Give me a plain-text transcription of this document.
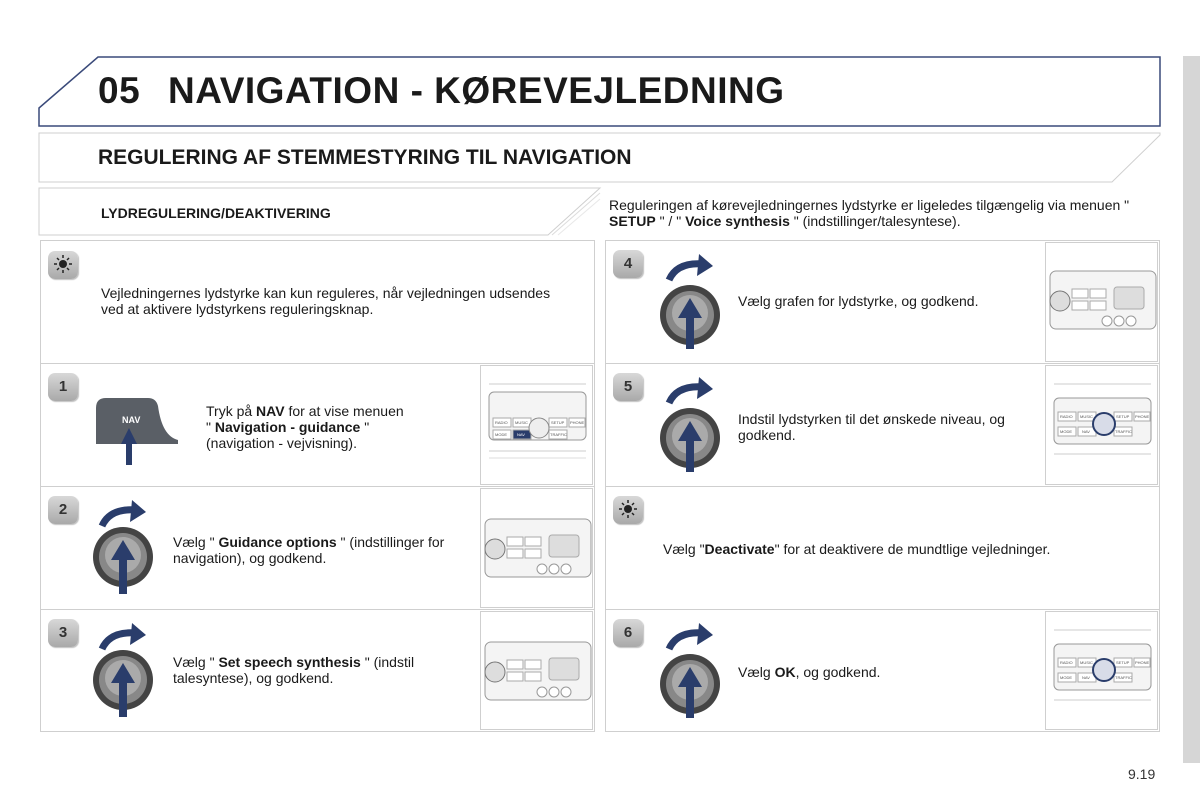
05 NAVIGATION - KØREVEJLEDNING
REGULERING AF STEMMESTYRING TIL NAVIGATION
LYDREGULERING/DEAKTIVERING	Reguleringen af kørevejledningernes lydstyrke er ligeledes tilgængelig via menuen " SETUP " / " Voice synthesis " (indstillinger/talesyntese).
Vejledningernes lydstyrke kan kun reguleres, når vejledningen udsendes ved at aktivere lydstyrkens reguleringsknap.
1
NAV
Tryk på NAV for at vise menuen
" Navigation - guidance "
(navigation - vejvisning).
RADIO MUSIC	SETUP PHONE
MODE	NAV	TRAFFIC
2
Vælg " Guidance options " (indstillinger for navigation), og godkend.
3
Vælg " Set speech synthesis " (indstil talesyntese), og godkend.
4
Vælg grafen for lydstyrke, og godkend.
5
Indstil lydstyrken til det ønskede niveau, og godkend.
RADIO MUSIC	SETUP PHONE
MODE	NAV	TRAFFIC
Vælg "Deactivate" for at deaktivere de mundtlige vejledninger.
6
Vælg OK, og godkend.
RADIO MUSIC	SETUP PHONE
MODE	NAV	TRAFFIC
9.19
